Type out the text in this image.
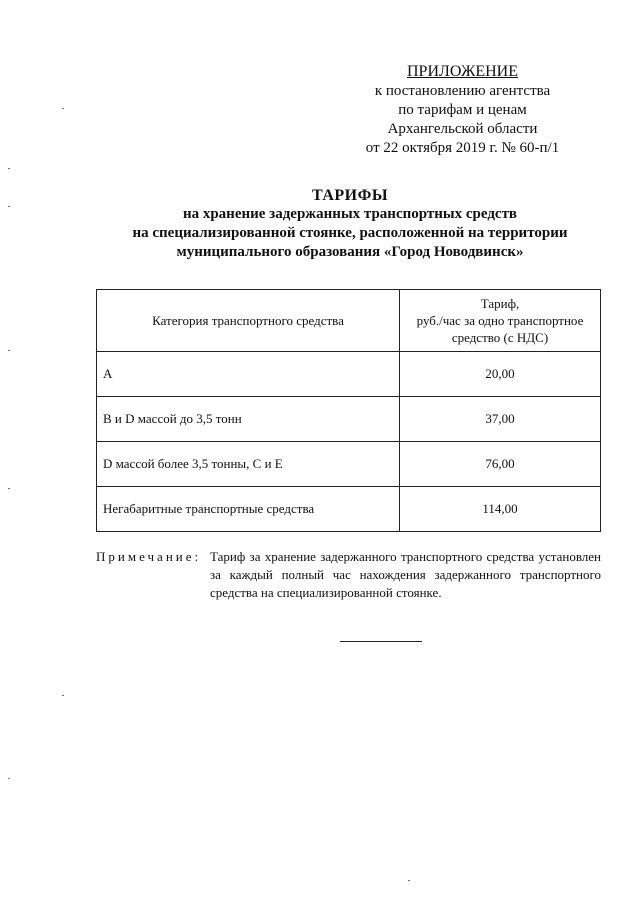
ПРИЛОЖЕНИЕ
к постановлению агентства
по тарифам и ценам
Архангельской области
от 22 октября 2019 г. № 60-п/1
ТАРИФЫ
на хранение задержанных транспортных средств
на специализированной стоянке, расположенной на территории
муниципального образования «Город Новодвинск»
Категория транспортного средства	Тариф,
руб./час за одно транспортное
средство (с НДС)

А	20,00
В и D массой до 3,5 тонн	37,00
D массой более 3,5 тонны, С и Е	76,00
Негабаритные транспортные средства	114,00
Примечание: Тариф за хранение задержанного транспортного средства установлен за каждый полный час нахождения задержанного транспортного средства на специализированной стоянке.
